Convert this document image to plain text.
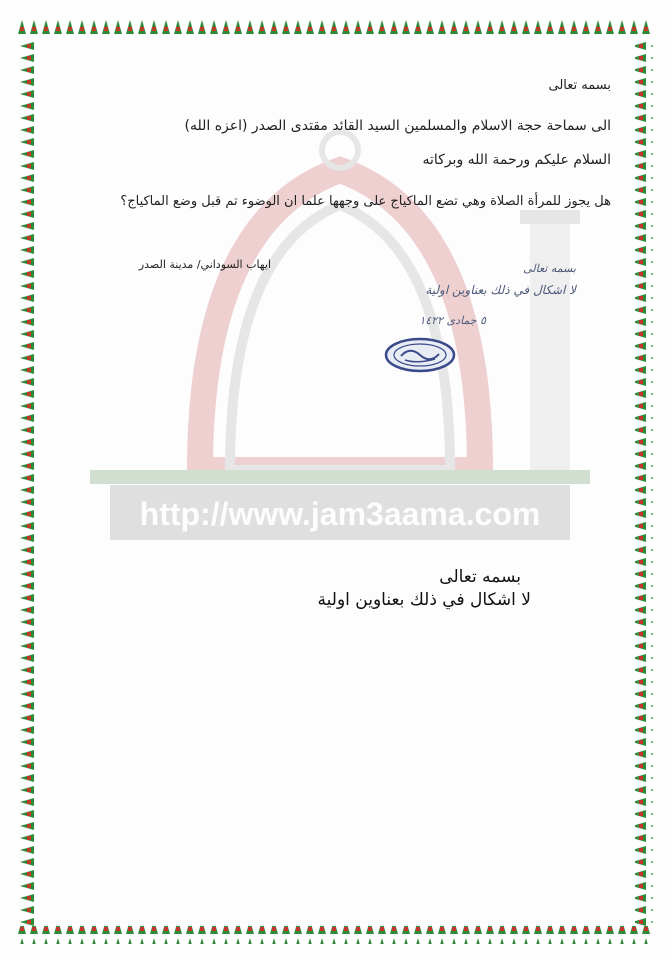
http://www.jam3aama.com

بسمه تعالى

الى سماحة حجة الاسلام والمسلمين السيد القائد مقتدى الصدر (اعزه الله)

السلام عليكم ورحمة الله وبركاته

هل يجوز للمرأة الصلاة وهي تضع الماكياج على وجهها علما ان الوضوء تم قبل وضع الماكياج؟

ايهاب السوداني/ مدينة الصدر	بسمه تعالى

لا اشكال في ذلك بعناوين اولية

٥ جمادى ١٤٢٢

بسمه تعالى

لا اشكال في ذلك بعناوين اولية
